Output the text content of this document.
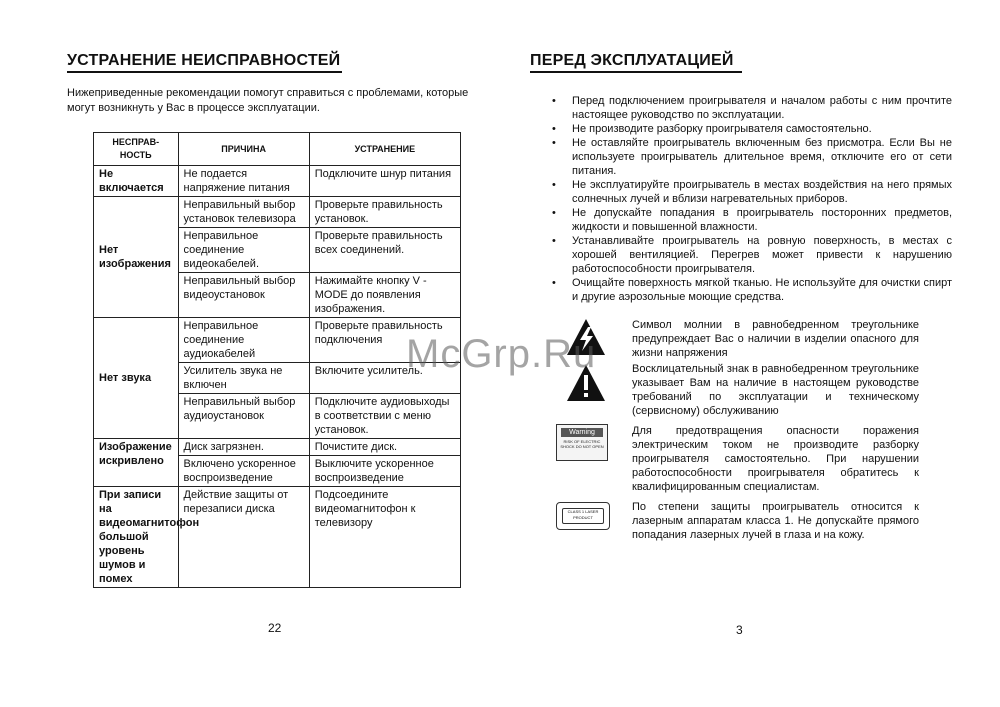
УСТРАНЕНИЕ НЕИСПРАВНОСТЕЙ
Нижеприведенные рекомендации помогут справиться с проблемами, которые могут возникнуть у Вас в процессе эксплуатации.
НЕСПРАВ-НОСТЬ	ПРИЧИНА	УСТРАНЕНИЕ
Не включается	Не подается напряжение питания	Подключите шнур питания
Нет изображения	Неправильный выбор установок телевизора	Проверьте правильность установок.
	Неправильное соединение видеокабелей.	Проверьте правильность всех соединений.
	Неправильный выбор видеоустановок	Нажимайте кнопку V - MODE до появления изображения.
Нет звука	Неправильное соединение аудиокабелей	Проверьте правильность подключения
	Усилитель звука не включен	Включите усилитель.
	Неправильный выбор аудиоустановок	Подключите аудиовыходы в соответствии с меню установок.
Изображение искривлено	Диск загрязнен.	Почистите диск.
	Включено ускоренное воспроизведение	Выключите ускоренное воспроизведение
При записи на видеомагнитофон большой уровень шумов и помех	Действие защиты от перезаписи диска	Подсоедините видеомагнитофон к телевизору
22
ПЕРЕД ЭКСПЛУАТАЦИЕЙ
• Перед подключением проигрывателя и началом работы с ним прочтите настоящее руководство по эксплуатации.
• Не производите разборку проигрывателя самостоятельно.
• Не оставляйте проигрыватель включенным без присмотра. Если Вы не используете проигрыватель длительное время, отключите его от сети питания.
• Не эксплуатируйте проигрыватель в местах воздействия на него прямых солнечных лучей и вблизи нагревательных приборов.
• Не допускайте попадания в проигрыватель посторонних предметов, жидкости и повышенной влажности.
• Устанавливайте проигрыватель на ровную поверхность, в местах с хорошей вентиляцией. Перегрев может привести к нарушению работоспособности проигрывателя.
• Очищайте поверхность мягкой тканью. Не используйте для очистки спирт и другие аэрозольные моющие средства.
Символ молнии в равнобедренном треугольнике предупреждает Вас о наличии в изделии опасного для жизни напряжения
Восклицательный знак в равнобедренном треугольнике указывает Вам на наличие в настоящем руководстве требований по эксплуатации и техническому (сервисному) обслуживанию
Warning
RISK OF ELECTRIC SHOCK DO NOT OPEN
Для предотвращения опасности поражения электрическим током не производите разборку проигрывателя самостоятельно. При нарушении работоспособности проигрывателя обратитесь к квалифицированным специалистам.
CLASS 1 LASER PRODUCT
По степени защиты проигрыватель относится к лазерным аппаратам класса 1. Не допускайте прямого попадания лазерных лучей в глаза и на кожу.
3
McGrp.Ru
